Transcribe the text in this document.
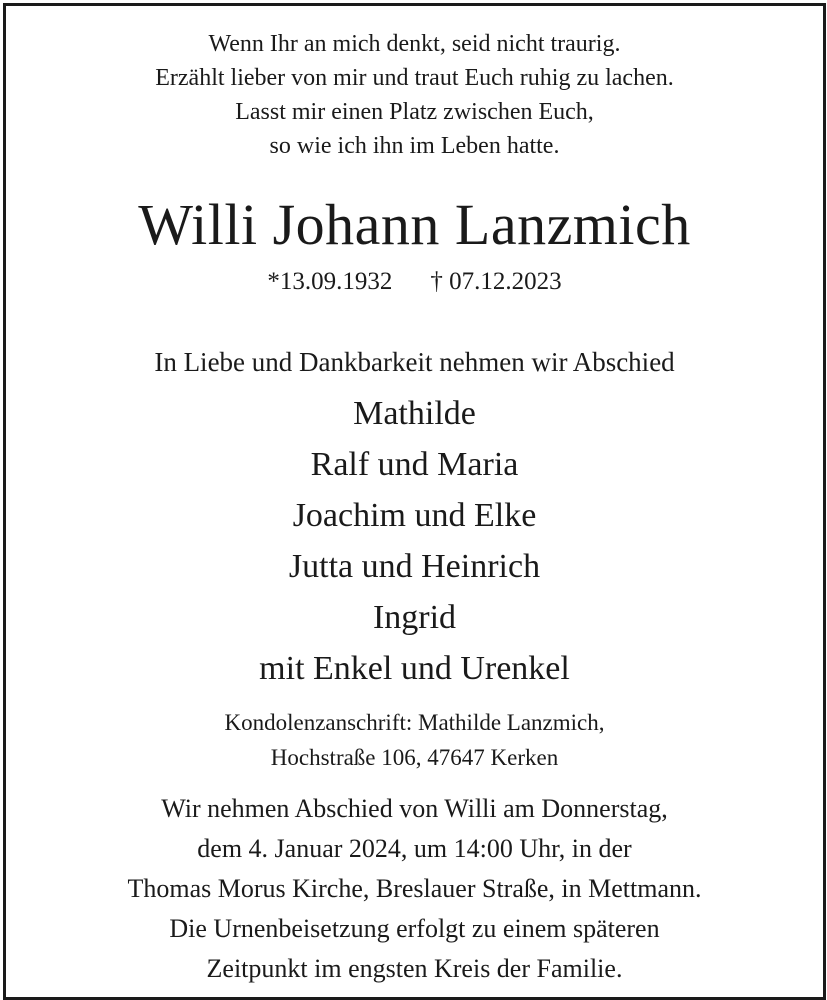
Wenn Ihr an mich denkt, seid nicht traurig.
Erzählt lieber von mir und traut Euch ruhig zu lachen.
Lasst mir einen Platz zwischen Euch,
so wie ich ihn im Leben hatte.
Willi Johann Lanzmich
*13.09.1932 † 07.12.2023
In Liebe und Dankbarkeit nehmen wir Abschied
Mathilde
Ralf und Maria
Joachim und Elke
Jutta und Heinrich
Ingrid
mit Enkel und Urenkel
Kondolenzanschrift: Mathilde Lanzmich,
Hochstraße 106, 47647 Kerken
Wir nehmen Abschied von Willi am Donnerstag,
dem 4. Januar 2024, um 14:00 Uhr, in der
Thomas Morus Kirche, Breslauer Straße, in Mettmann.
Die Urnenbeisetzung erfolgt zu einem späteren
Zeitpunkt im engsten Kreis der Familie.
